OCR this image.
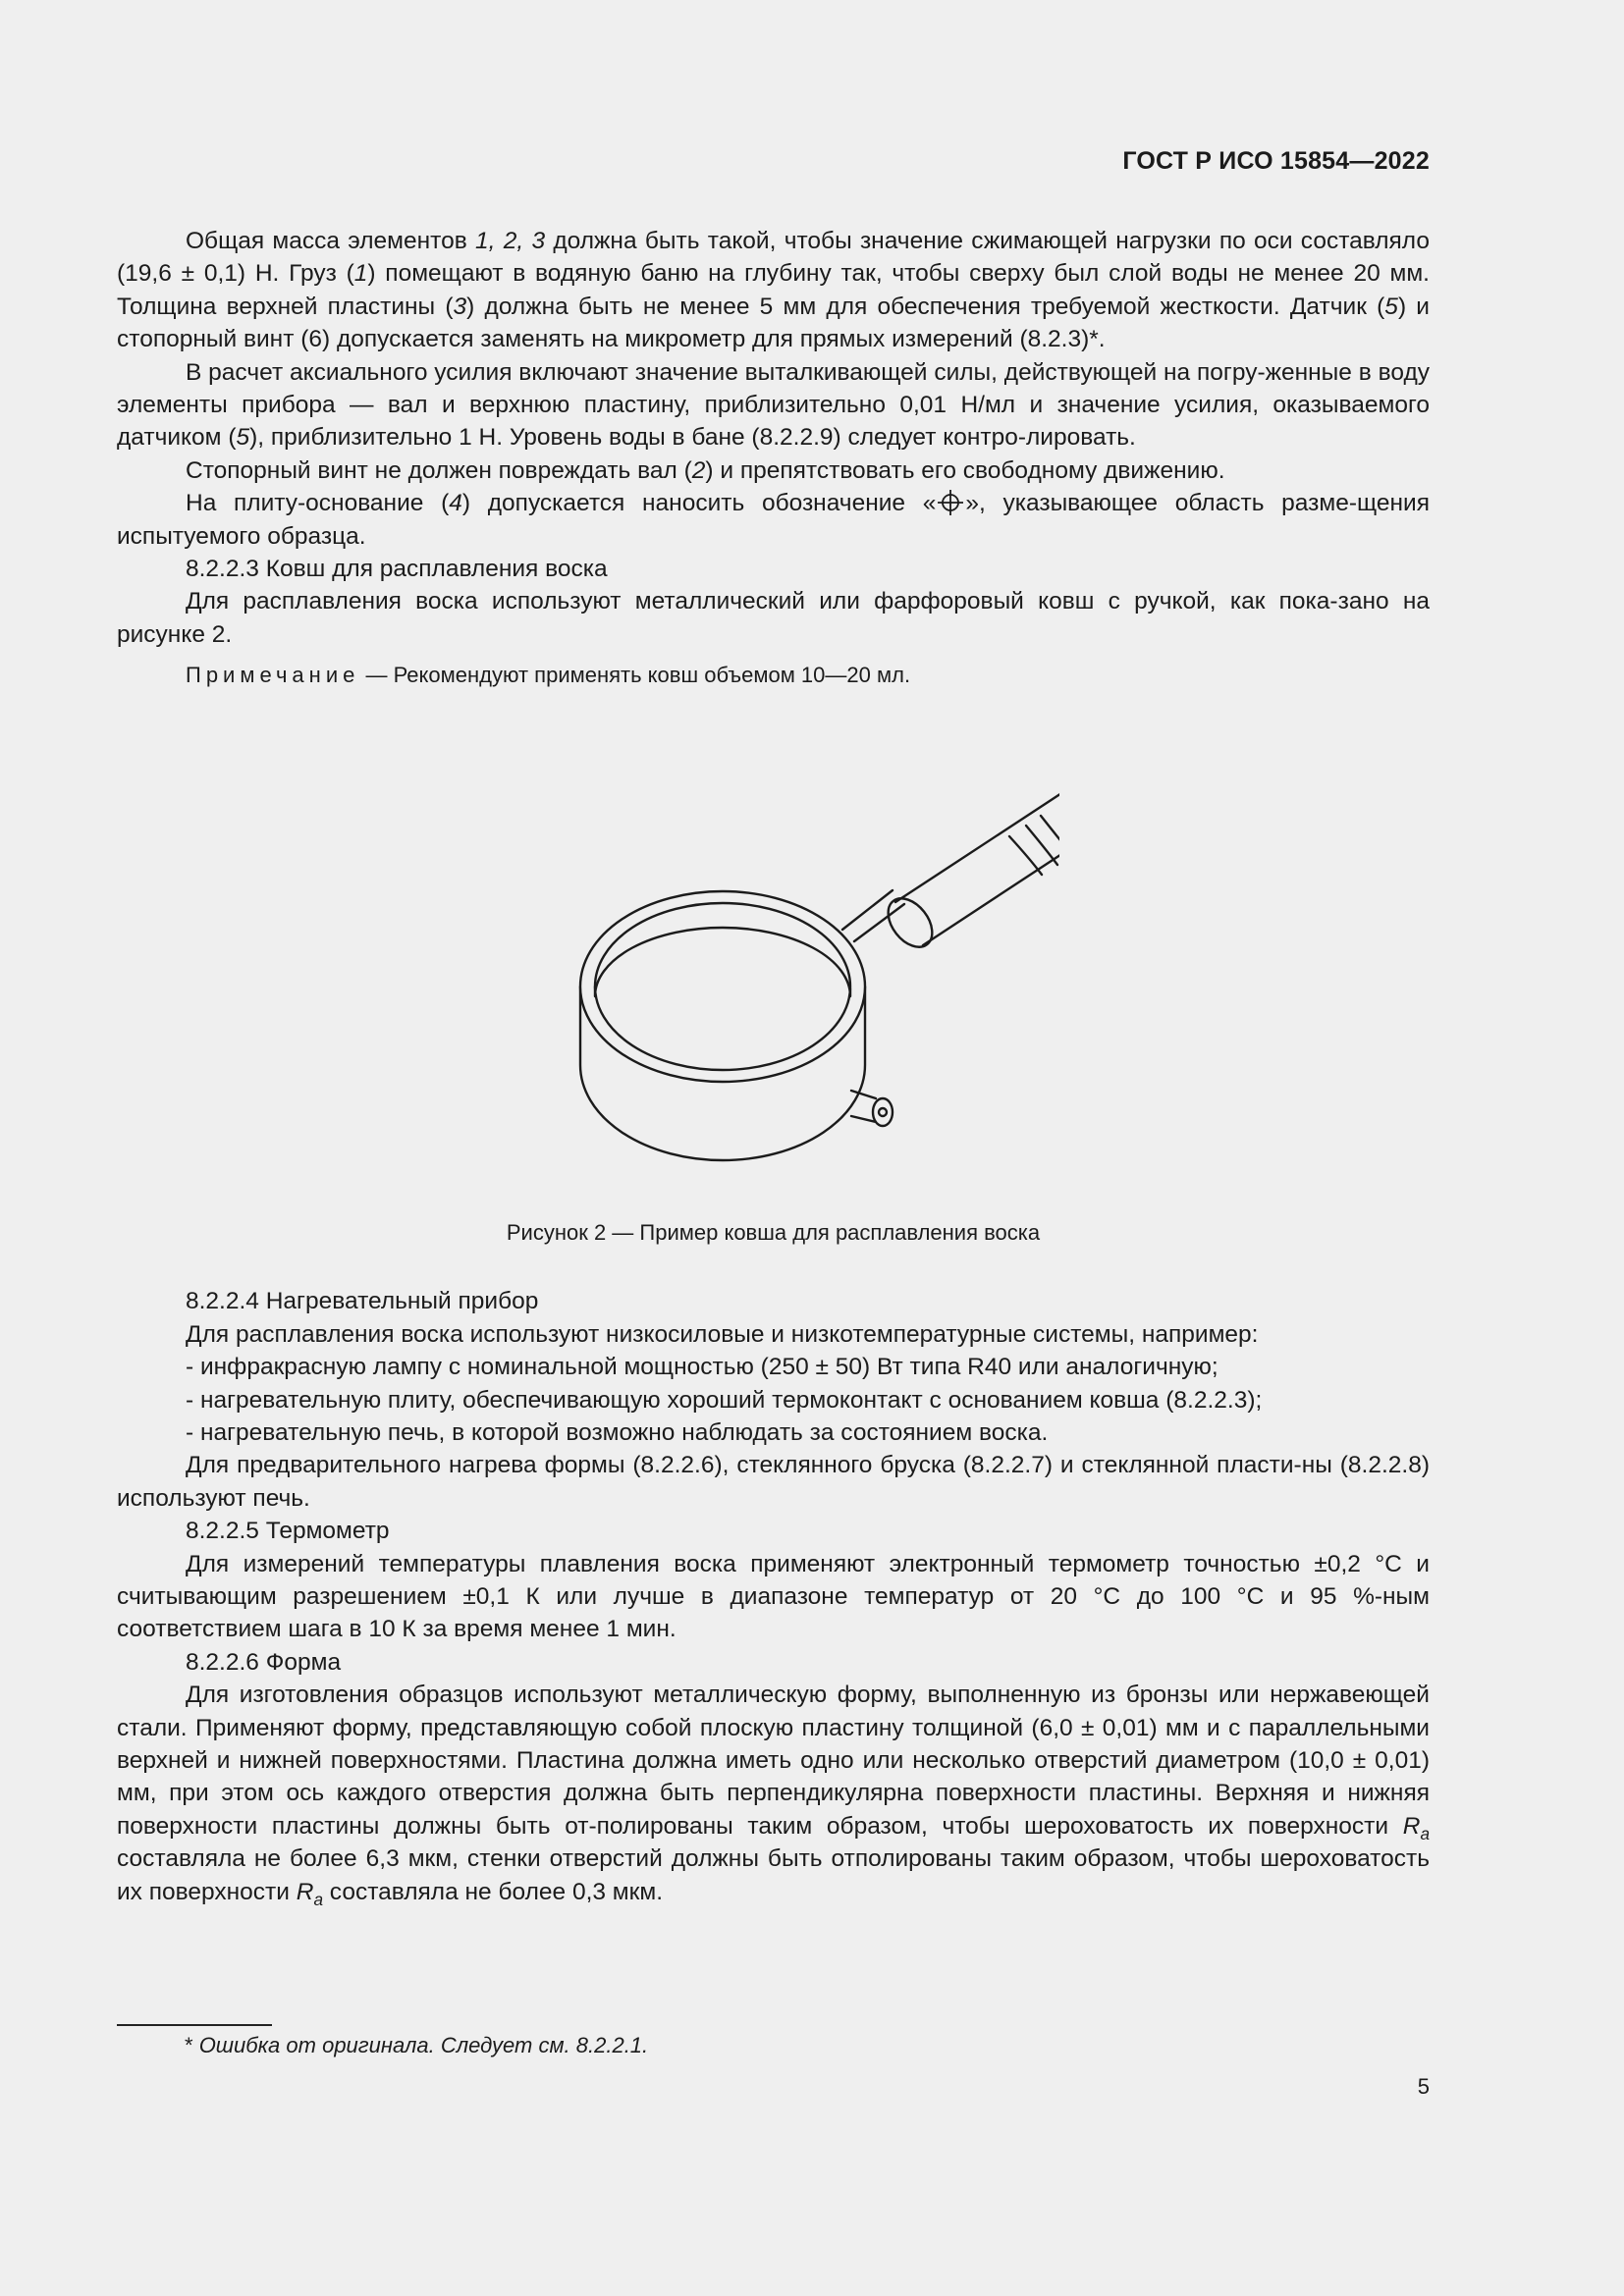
ГОСТ Р ИСО 15854—2022

Общая масса элементов 1, 2, 3 должна быть такой, чтобы значение сжимающей нагрузки по оси составляло (19,6 ± 0,1) Н. Груз (1) помещают в водяную баню на глубину так, чтобы сверху был слой воды не менее 20 мм. Толщина верхней пластины (3) должна быть не менее 5 мм для обеспечения требуемой жесткости. Датчик (5) и стопорный винт (6) допускается заменять на микрометр для прямых измерений (8.2.3)*.

В расчет аксиального усилия включают значение выталкивающей силы, действующей на погру-женные в воду элементы прибора — вал и верхнюю пластину, приблизительно 0,01 Н/мл и значение усилия, оказываемого датчиком (5), приблизительно 1 Н. Уровень воды в бане (8.2.2.9) следует контро-лировать.

Стопорный винт не должен повреждать вал (2) и препятствовать его свободному движению.

На плиту-основание (4) допускается наносить обозначение « », указывающее область разме-щения испытуемого образца.

8.2.2.3 Ковш для расплавления воска

Для расплавления воска используют металлический или фарфоровый ковш с ручкой, как пока-зано на рисунке 2.

Примечание — Рекомендуют применять ковш объемом 10—20 мл.

Рисунок 2 — Пример ковша для расплавления воска

8.2.2.4 Нагревательный прибор

Для расплавления воска используют низкосиловые и низкотемпературные системы, например:

- инфракрасную лампу с номинальной мощностью (250 ± 50) Вт типа R40 или аналогичную;

- нагревательную плиту, обеспечивающую хороший термоконтакт с основанием ковша (8.2.2.3);

- нагревательную печь, в которой возможно наблюдать за состоянием воска.

Для предварительного нагрева формы (8.2.2.6), стеклянного бруска (8.2.2.7) и стеклянной пласти-ны (8.2.2.8) используют печь.

8.2.2.5 Термометр

Для измерений температуры плавления воска применяют электронный термометр точностью ±0,2 °С и считывающим разрешением ±0,1 К или лучше в диапазоне температур от 20 °С до 100 °С и 95 %-ным соответствием шага в 10 К за время менее 1 мин.

8.2.2.6 Форма

Для изготовления образцов используют металлическую форму, выполненную из бронзы или нержавеющей стали. Применяют форму, представляющую собой плоскую пластину толщиной (6,0 ± 0,01) мм и с параллельными верхней и нижней поверхностями. Пластина должна иметь одно или несколько отверстий диаметром (10,0 ± 0,01) мм, при этом ось каждого отверстия должна быть перпендикулярна поверхности пластины. Верхняя и нижняя поверхности пластины должны быть от-полированы таким образом, чтобы шероховатость их поверхности $R_a$ составляла не более 6,3 мкм, стенки отверстий должны быть отполированы таким образом, чтобы шероховатость их поверхности $R_a$ составляла не более 0,3 мкм.

* Ошибка от оригинала. Следует см. 8.2.2.1.
5
